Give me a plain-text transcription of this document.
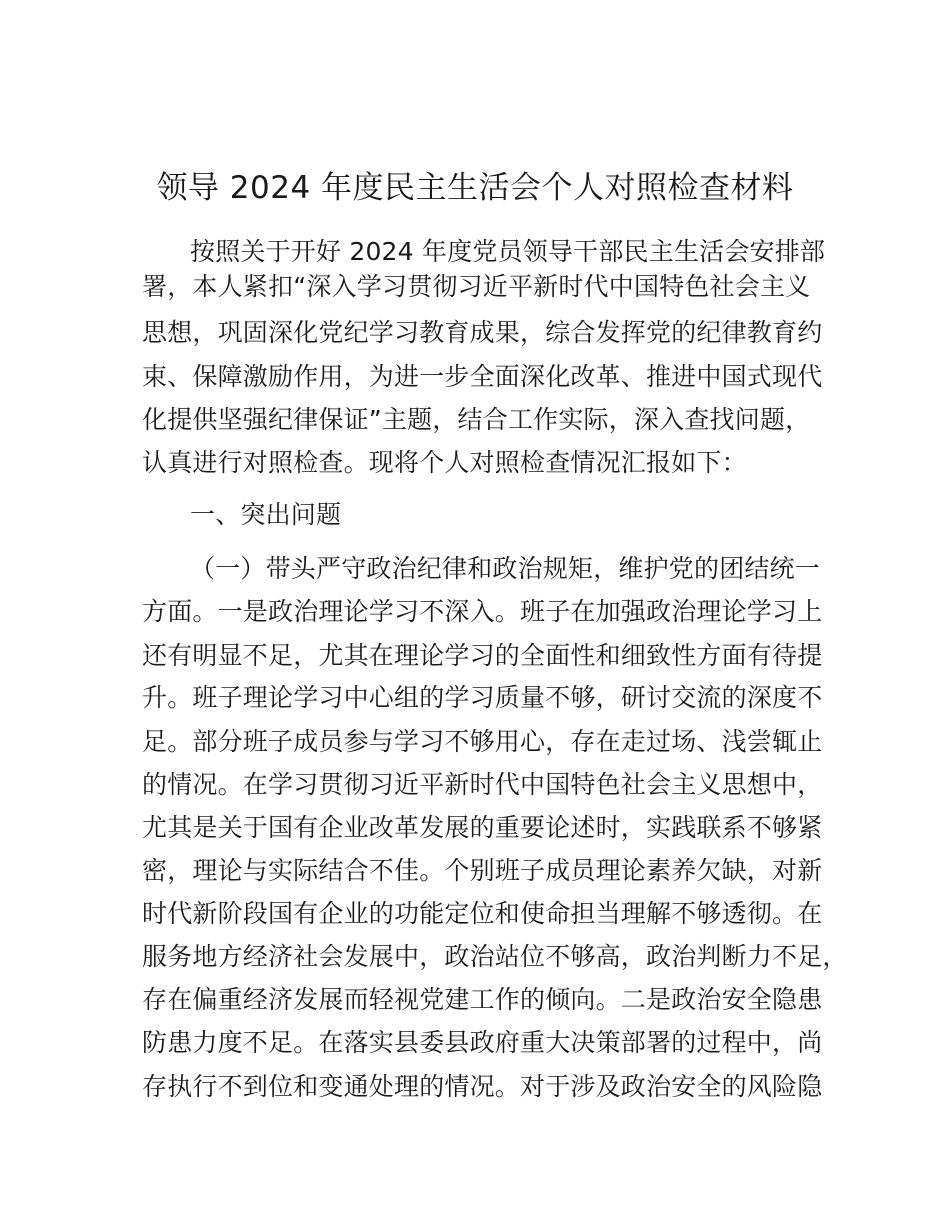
领导 2024 年度民主生活会个人对照检查材料

按照关于开好 2024 年度党员领导干部民主生活会安排部

署，本人紧扣“深入学习贯彻习近平新时代中国特色社会主义

思想，巩固深化党纪学习教育成果，综合发挥党的纪律教育约

束、保障激励作用，为进一步全面深化改革、推进中国式现代

化提供坚强纪律保证”主题，结合工作实际，深入查找问题，

认真进行对照检查。现将个人对照检查情况汇报如下：

一、突出问题

（一）带头严守政治纪律和政治规矩，维护党的团结统一

方面。一是政治理论学习不深入。班子在加强政治理论学习上

还有明显不足，尤其在理论学习的全面性和细致性方面有待提

升。班子理论学习中心组的学习质量不够，研讨交流的深度不

足。部分班子成员参与学习不够用心，存在走过场、浅尝辄止

的情况。在学习贯彻习近平新时代中国特色社会主义思想中，

尤其是关于国有企业改革发展的重要论述时，实践联系不够紧

密，理论与实际结合不佳。个别班子成员理论素养欠缺，对新

时代新阶段国有企业的功能定位和使命担当理解不够透彻。在

服务地方经济社会发展中，政治站位不够高，政治判断力不足，

存在偏重经济发展而轻视党建工作的倾向。二是政治安全隐患

防患力度不足。在落实县委县政府重大决策部署的过程中，尚

存执行不到位和变通处理的情况。对于涉及政治安全的风险隐
